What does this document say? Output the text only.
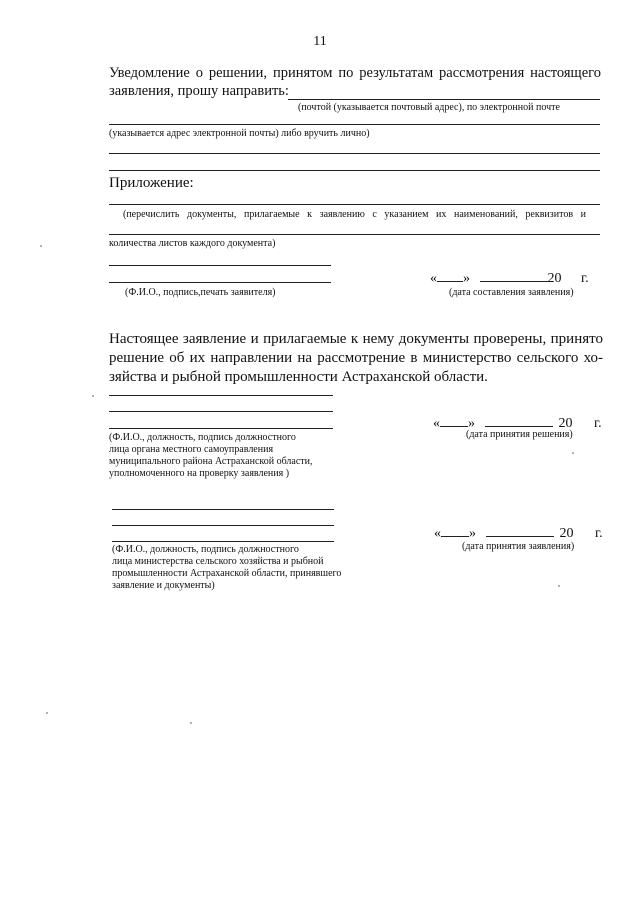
11
Уведомление о решении, принятом по результатам рассмотрения настоящего
заявления, прошу направить:
(почтой (указывается почтовый адрес), по электронной почте
(указывается адрес электронной почты) либо вручить лично)
Приложение:
(перечислить документы, прилагаемые к заявлению с указанием их наименований, реквизитов и
количества листов каждого документа)
(Ф.И.О., подпись,печать заявителя)
« »	20 г.
(дата составления заявления)
Настоящее заявление и прилагаемые к нему документы проверены, принято
решение об их направлении на рассмотрение в министерство сельского хо-
зяйства и рыбной промышленности Астраханской области.
(Ф.И.О., должность, подпись должностного
лица органа местного самоуправления
муниципального района Астраханской области,
уполномоченного на проверку заявления )
« »	20 г.
(дата принятия решения)
(Ф.И.О., должность, подпись должностного
лица министерства сельского хозяйства и рыбной
промышленности Астраханской области, принявшего
заявление и документы)
« »	20 г.
(дата принятия заявления)
